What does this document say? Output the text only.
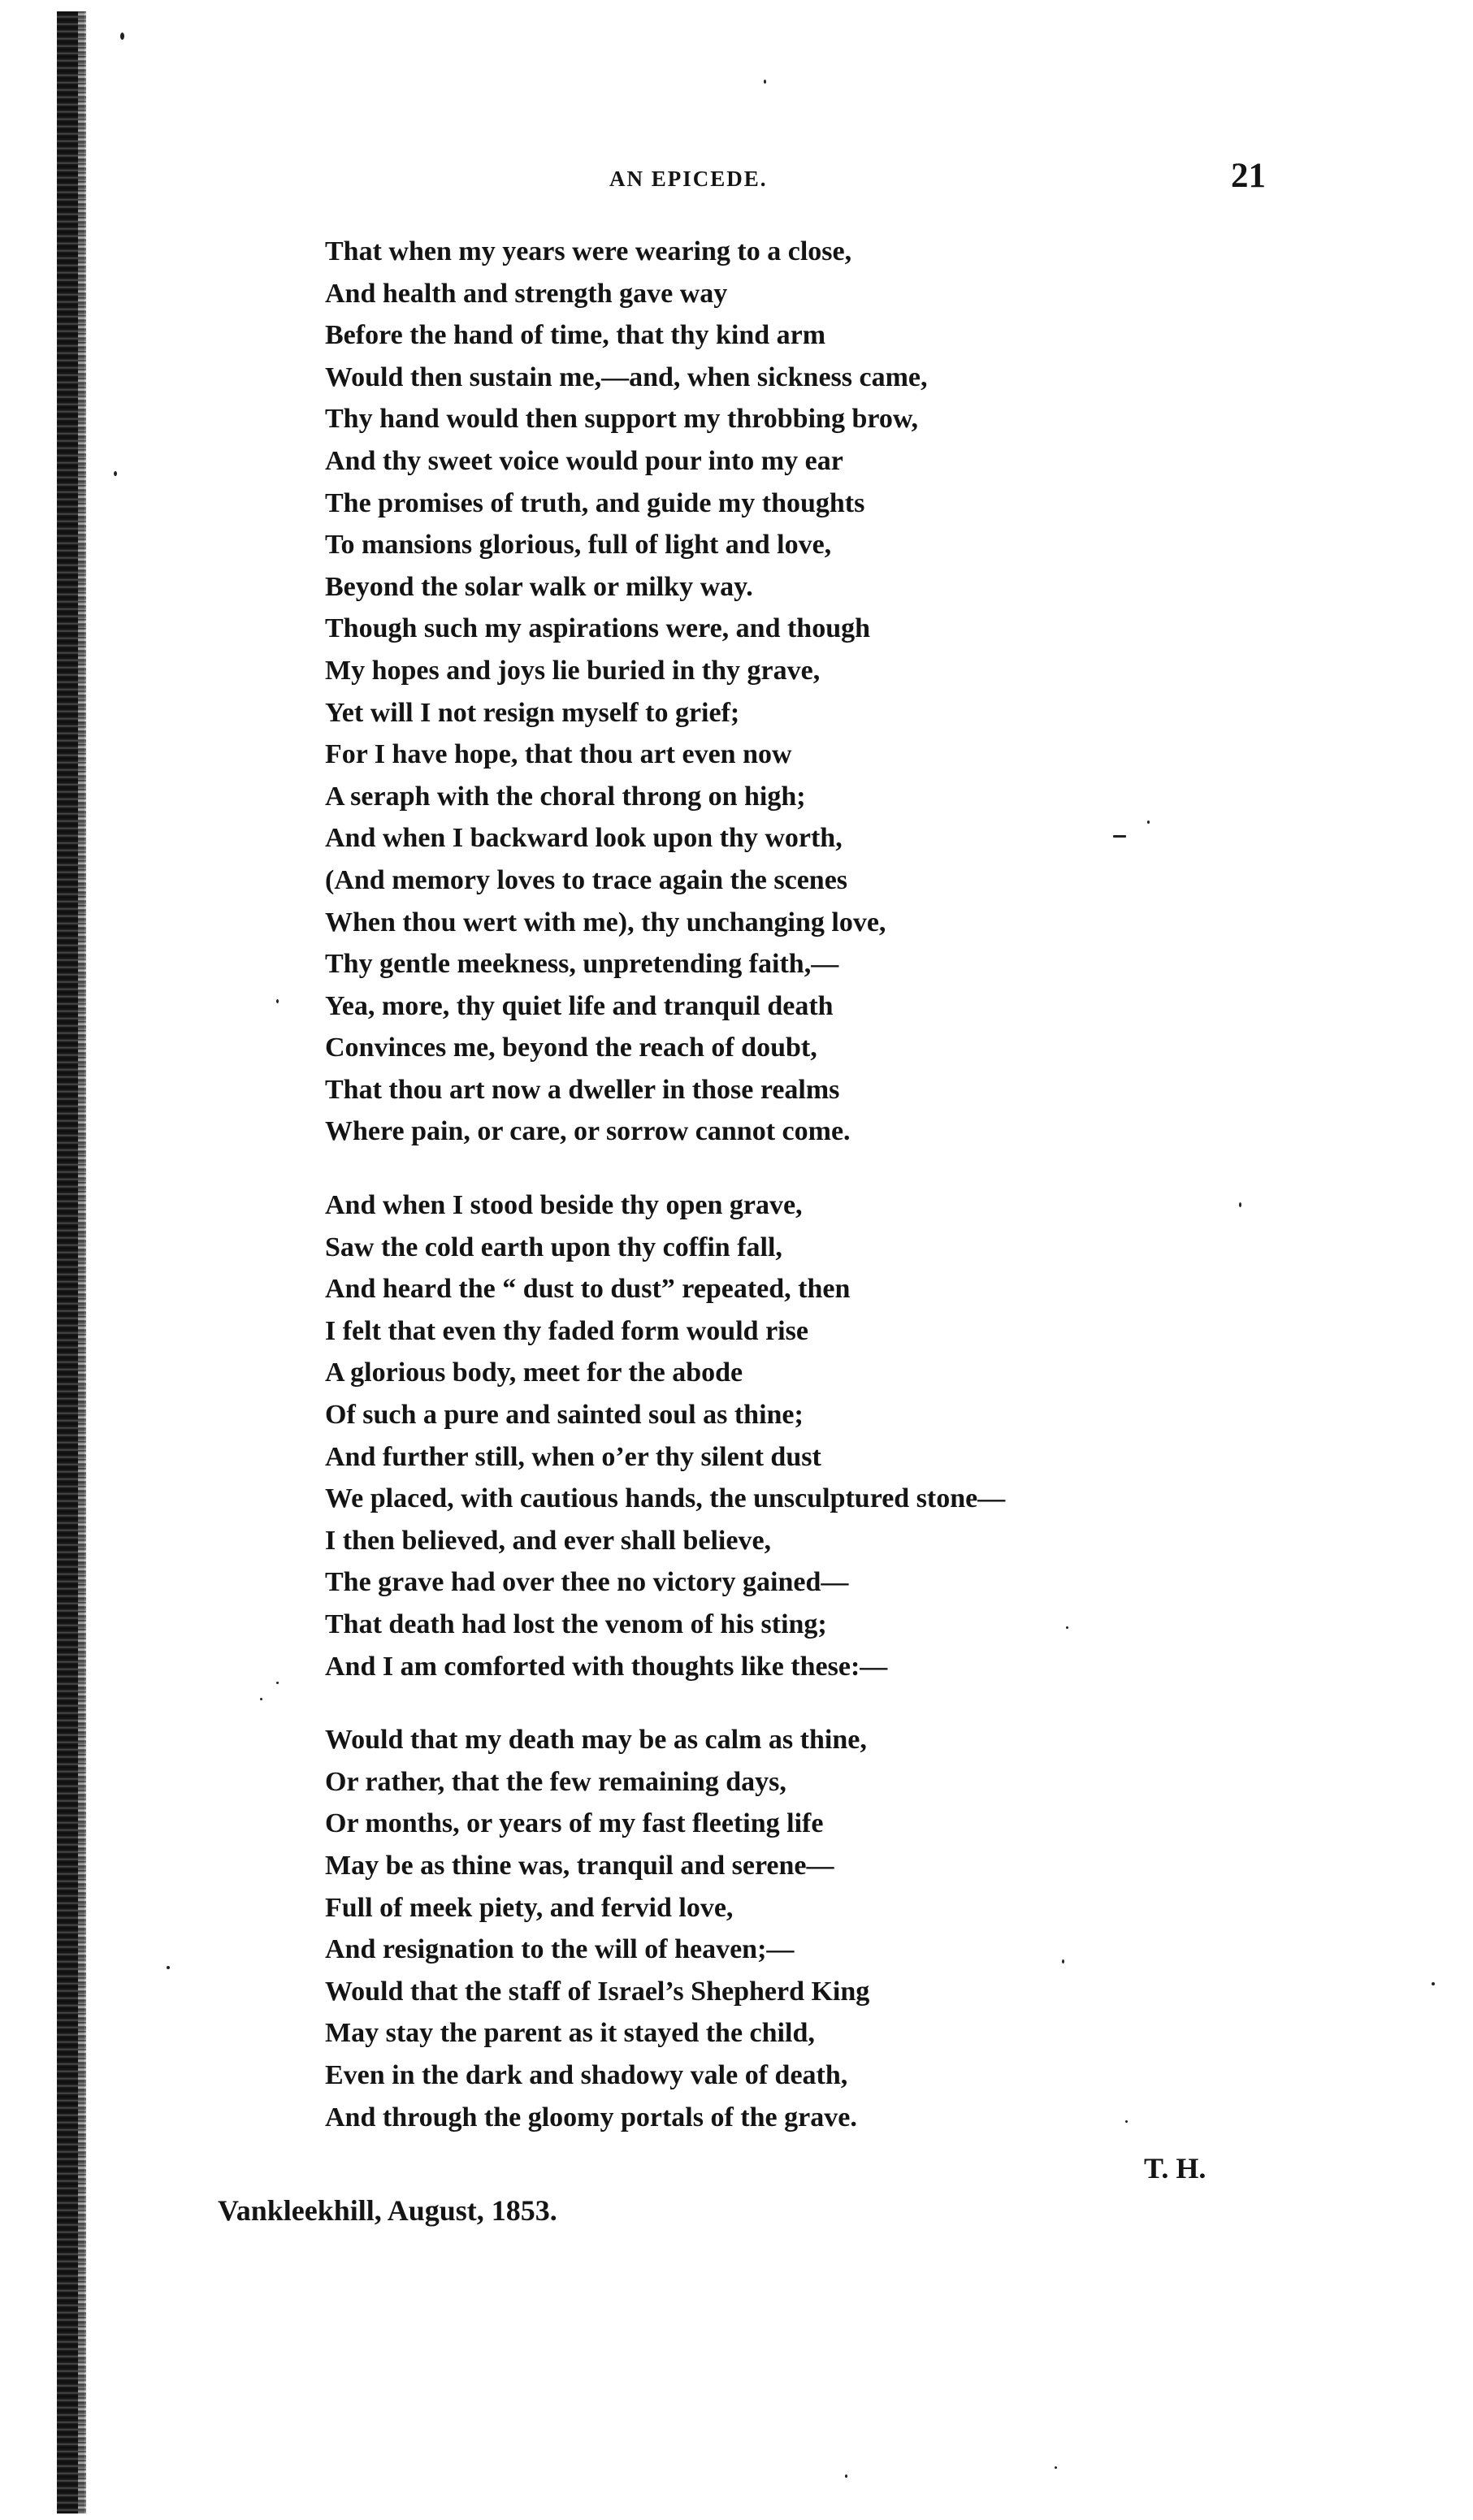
AN EPICEDE.	21
That when my years were wearing to a close,
And health and strength gave way
Before the hand of time, that thy kind arm
Would then sustain me,—and, when sickness came,
Thy hand would then support my throbbing brow,
And thy sweet voice would pour into my ear
The promises of truth, and guide my thoughts
To mansions glorious, full of light and love,
Beyond the solar walk or milky way.
Though such my aspirations were, and though
My hopes and joys lie buried in thy grave,
Yet will I not resign myself to grief;
For I have hope, that thou art even now
A seraph with the choral throng on high;
And when I backward look upon thy worth,
(And memory loves to trace again the scenes
When thou wert with me), thy unchanging love,
Thy gentle meekness, unpretending faith,—
Yea, more, thy quiet life and tranquil death
Convinces me, beyond the reach of doubt,
That thou art now a dweller in those realms
Where pain, or care, or sorrow cannot come.
And when I stood beside thy open grave,
Saw the cold earth upon thy coffin fall,
And heard the “ dust to dust” repeated, then
I felt that even thy faded form would rise
A glorious body, meet for the abode
Of such a pure and sainted soul as thine;
And further still, when o’er thy silent dust
We placed, with cautious hands, the unsculptured stone—
I then believed, and ever shall believe,
The grave had over thee no victory gained—
That death had lost the venom of his sting;
And I am comforted with thoughts like these:—
Would that my death may be as calm as thine,
Or rather, that the few remaining days,
Or months, or years of my fast fleeting life
May be as thine was, tranquil and serene—
Full of meek piety, and fervid love,
And resignation to the will of heaven;—
Would that the staff of Israel’s Shepherd King
May stay the parent as it stayed the child,
Even in the dark and shadowy vale of death,
And through the gloomy portals of the grave.
T. H.
Vankleekhill, August, 1853.
